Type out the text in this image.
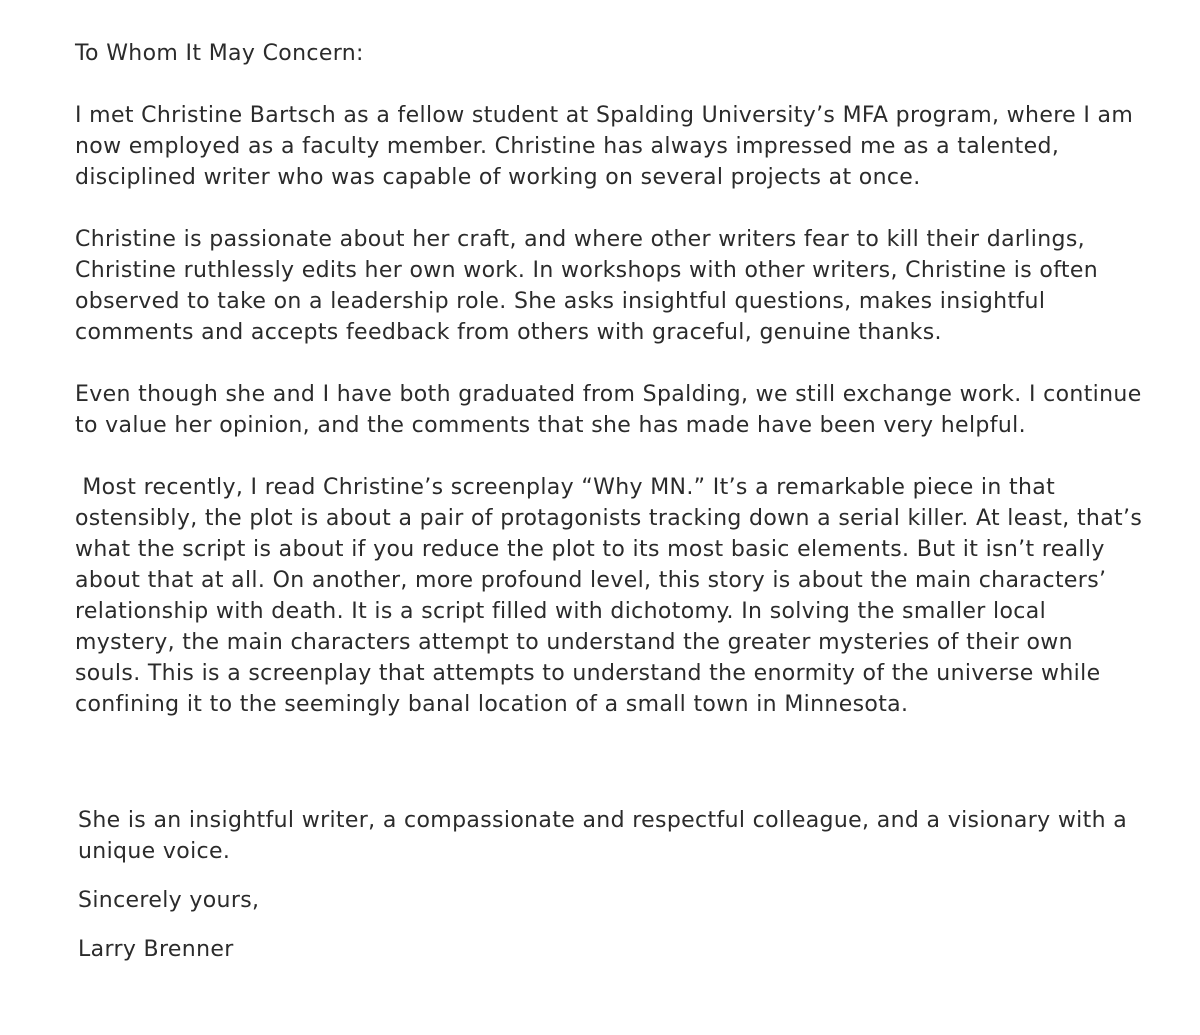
To Whom It May Concern:

I met Christine Bartsch as a fellow student at Spalding University’s MFA program, where I am now employed as a faculty member. Christine has always impressed me as a talented, disciplined writer who was capable of working on several projects at once.

Christine is passionate about her craft, and where other writers fear to kill their darlings, Christine ruthlessly edits her own work. In workshops with other writers, Christine is often observed to take on a leadership role. She asks insightful questions, makes insightful comments and accepts feedback from others with graceful, genuine thanks.

Even though she and I have both graduated from Spalding, we still exchange work. I continue to value her opinion, and the comments that she has made have been very helpful.

Most recently, I read Christine’s screenplay “Why MN.” It’s a remarkable piece in that ostensibly, the plot is about a pair of protagonists tracking down a serial killer. At least, that’s what the script is about if you reduce the plot to its most basic elements. But it isn’t really about that at all. On another, more profound level, this story is about the main characters’ relationship with death. It is a script filled with dichotomy. In solving the smaller local mystery, the main characters attempt to understand the greater mysteries of their own souls. This is a screenplay that attempts to understand the enormity of the universe while confining it to the seemingly banal location of a small town in Minnesota.

She is an insightful writer, a compassionate and respectful colleague, and a visionary with a unique voice.

Sincerely yours,

Larry Brenner
